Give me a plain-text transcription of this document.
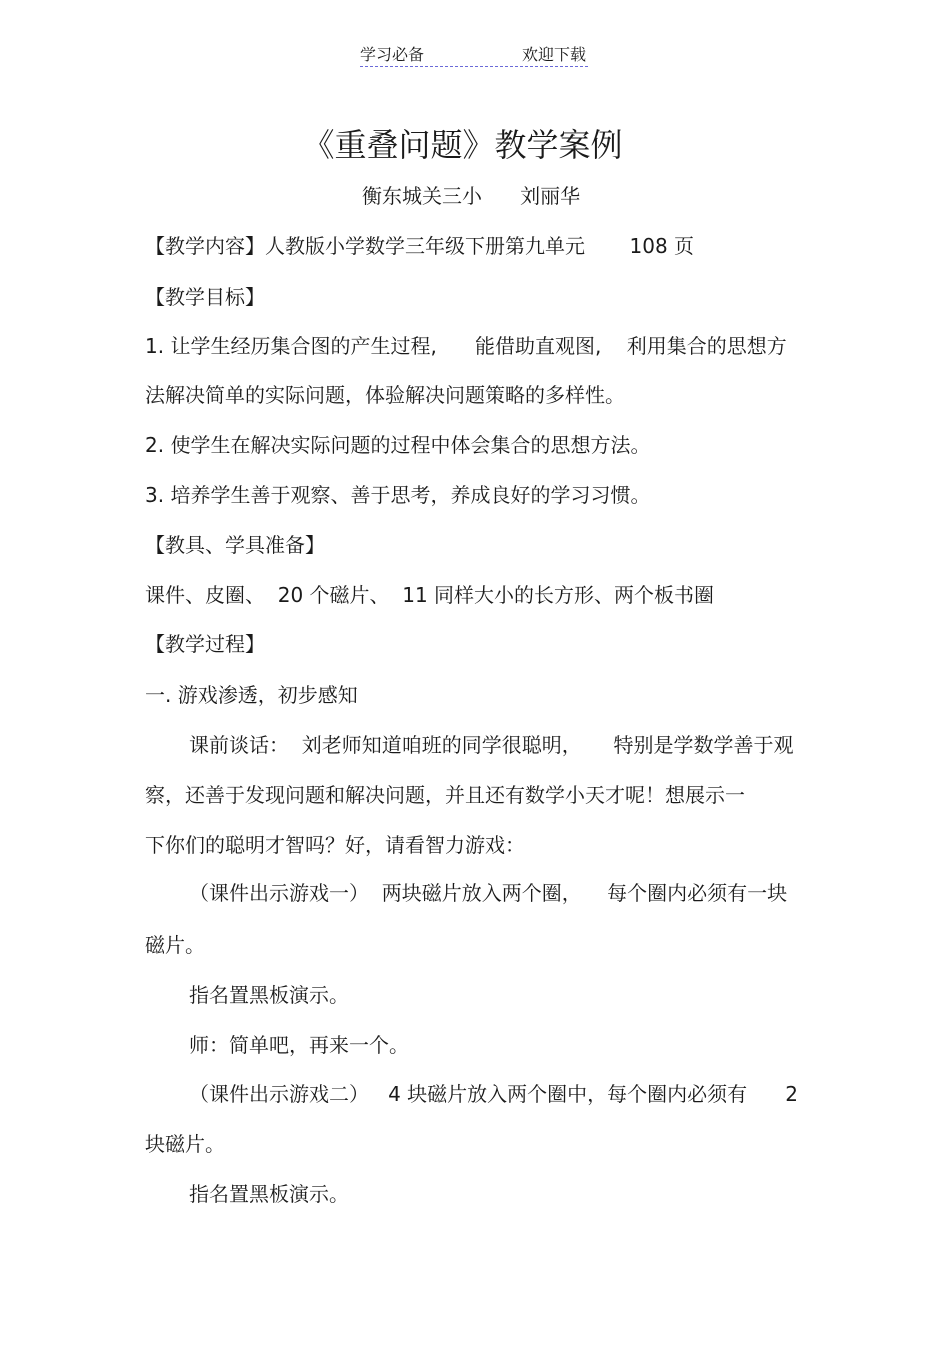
学习必备	欢迎下载
《重叠问题》教学案例
衡东城关三小      刘丽华
【教学内容】人教版小学数学三年级下册第九单元       108 页
【教学目标】
1. 让学生经历集合图的产生过程,      能借助直观图,    利用集合的思想方
法解决简单的实际问题，体验解决问题策略的多样性。
2. 使学生在解决实际问题的过程中体会集合的思想方法。
3. 培养学生善于观察、善于思考，养成良好的学习习惯。
【教具、学具准备】
课件、皮圈、  20 个磁片、  11 同样大小的长方形、两个板书圈
【教学过程】
一. 游戏渗透，初步感知
课前谈话：  刘老师知道咱班的同学很聪明，     特别是学数学善于观
察，还善于发现问题和解决问题，并且还有数学小天才呢！想展示一
下你们的聪明才智吗？好，请看智力游戏：
（课件出示游戏一）  两块磁片放入两个圈，    每个圈内必须有一块
磁片。
指名置黑板演示。
师：简单吧，再来一个。
（课件出示游戏二）   4 块磁片放入两个圈中，每个圈内必须有      2
块磁片。
指名置黑板演示。
